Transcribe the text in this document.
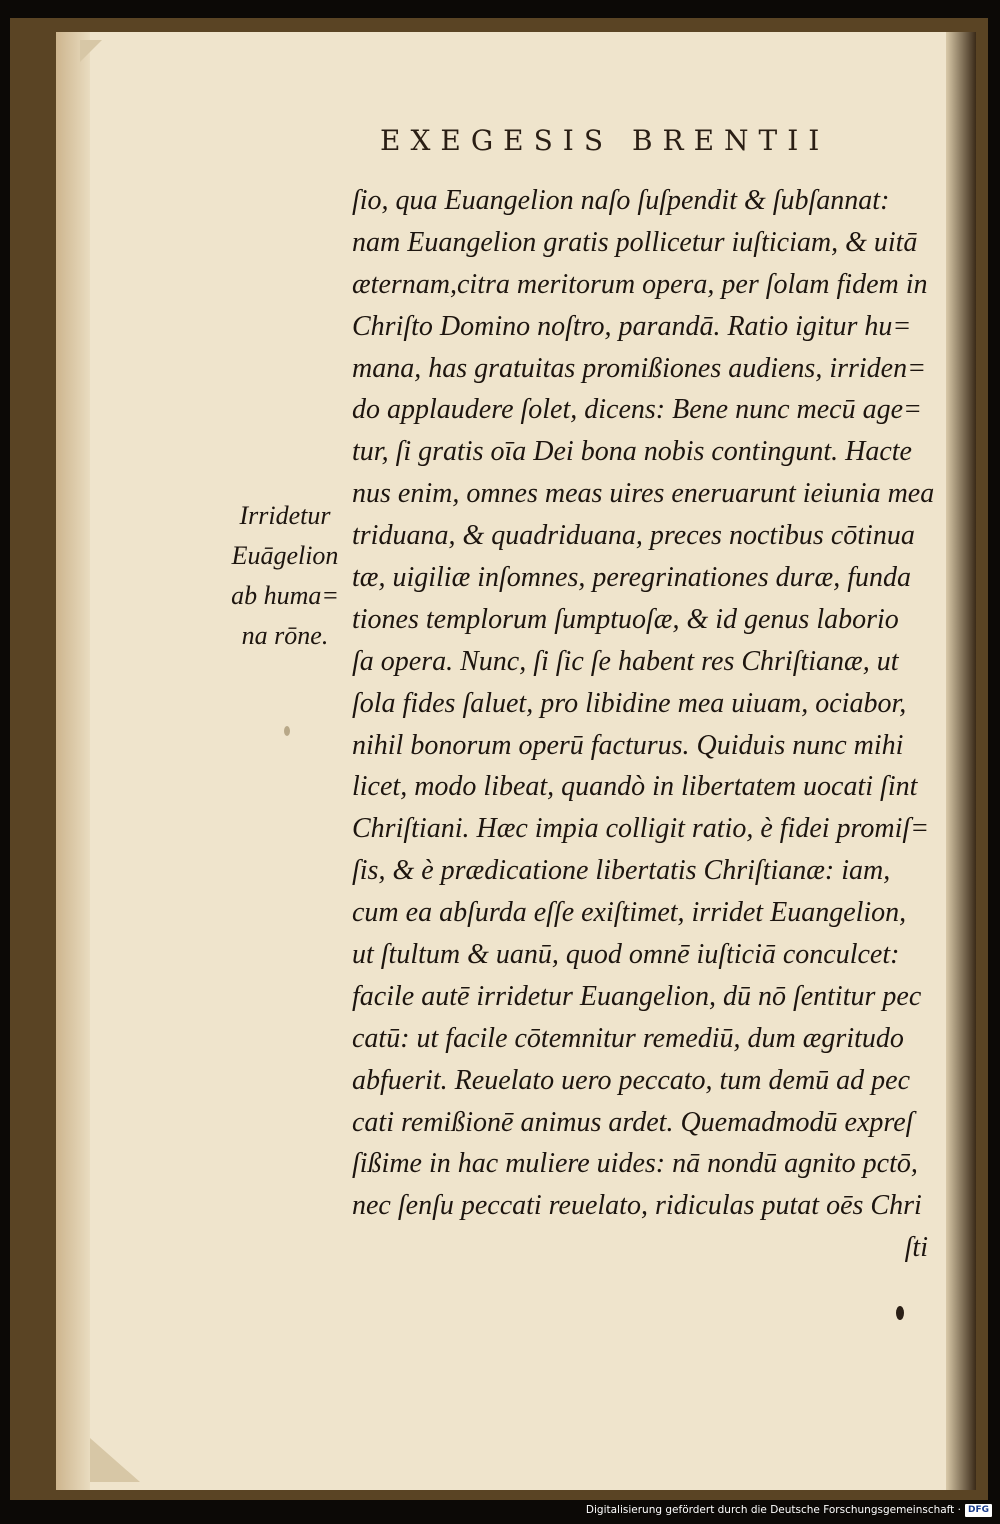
EXEGESIS BRENTII
ſio, qua Euangelion naſo ſuſpendit & ſubſannat:
nam Euangelion gratis pollicetur iuſticiam, & uitā
æternam,citra meritorum opera, per ſolam fidem in
Chriſto Domino noſtro, parandā. Ratio igitur hu=
mana, has gratuitas promißiones audiens, irriden=
do applaudere ſolet, dicens: Bene nunc mecū age=
tur, ſi gratis oīa Dei bona nobis contingunt. Hacte
nus enim, omnes meas uires eneruarunt ieiunia mea
triduana, & quadriduana, preces noctibus cōtinua
tæ, uigiliæ inſomnes, peregrinationes duræ, funda
tiones templorum ſumptuoſæ, & id genus laborio
ſa opera. Nunc, ſi ſic ſe habent res Chriſtianæ, ut
ſola fides ſaluet, pro libidine mea uiuam, ociabor,
nihil bonorum operū facturus. Quiduis nunc mihi
licet, modo libeat, quandò in libertatem uocati ſint
Chriſtiani. Hæc impia colligit ratio, è fidei promiſ=
ſis, & è prædicatione libertatis Chriſtianæ: iam,
cum ea abſurda eſſe exiſtimet, irridet Euangelion,
ut ſtultum & uanū, quod omnē iuſticiā conculcet:
facile autē irridetur Euangelion, dū nō ſentitur pec
catū: ut facile cōtemnitur remediū, dum ægritudo
abfuerit. Reuelato uero peccato, tum demū ad pec
cati remißionē animus ardet. Quemadmodū expreſ
ſißime in hac muliere uides: nā nondū agnito pctō,
nec ſenſu peccati reuelato, ridiculas putat oēs Chri
ſti
Irridetur
Euāgelion
ab huma=
na rōne.
Digitalisierung gefördert durch die Deutsche Forschungsgemeinschaft · DFG
